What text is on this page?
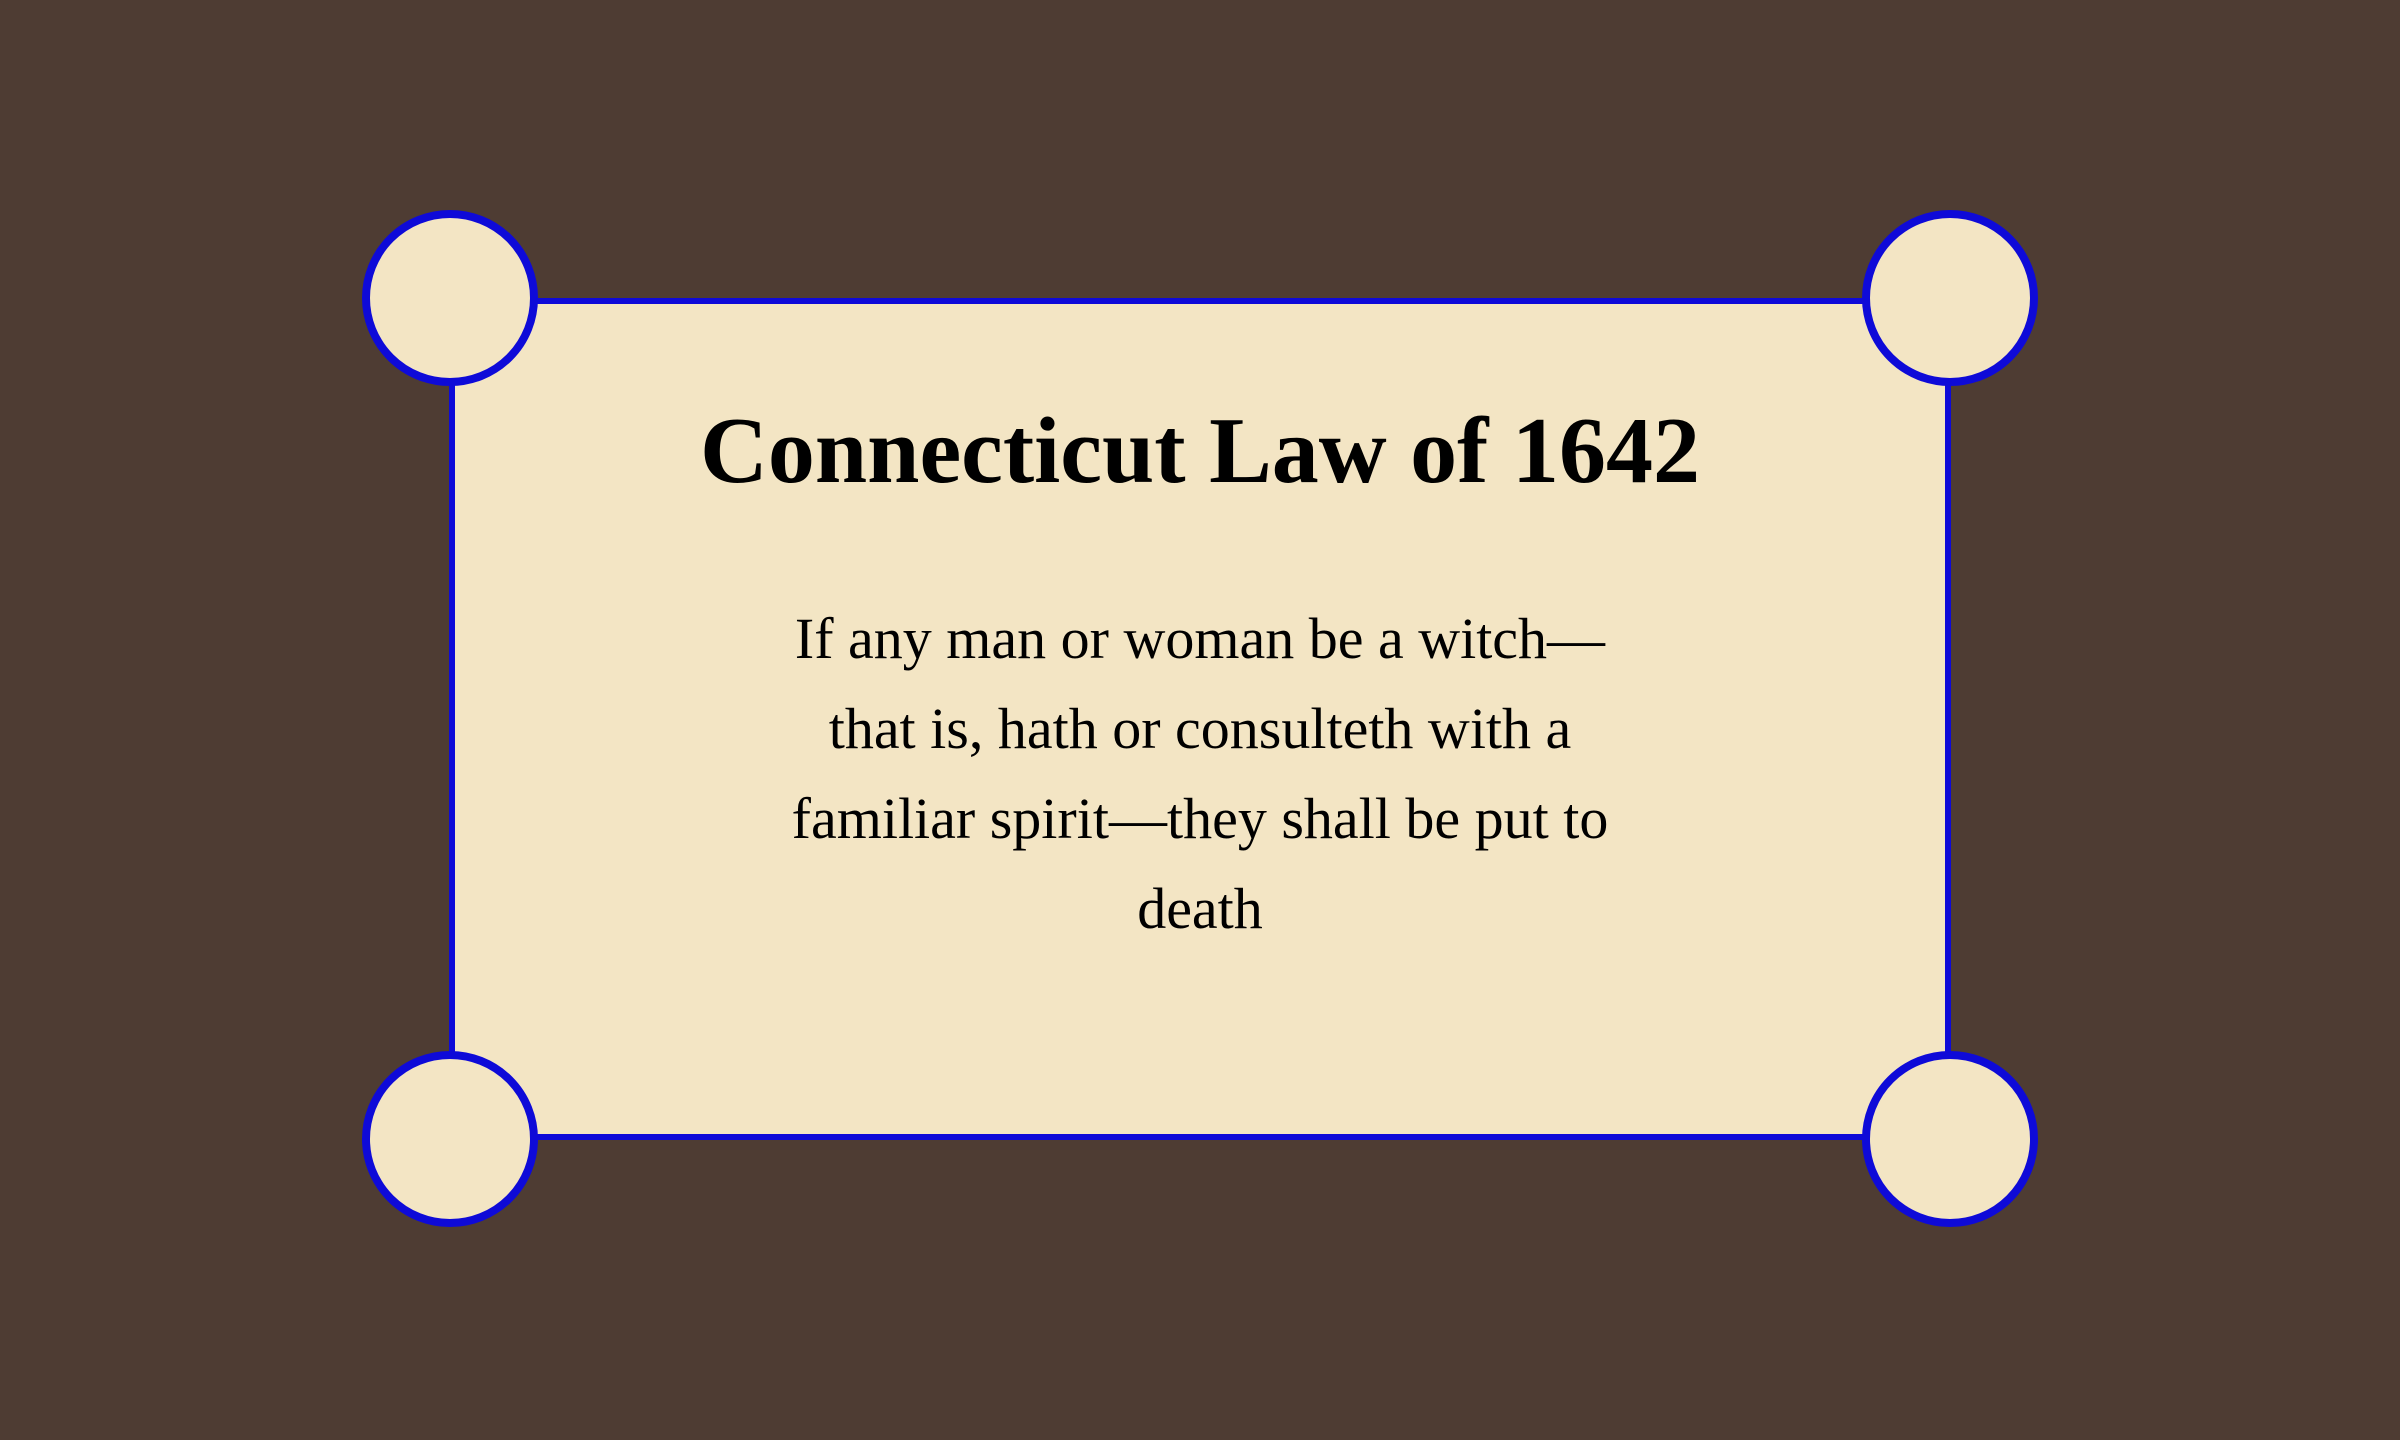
Connecticut Law of 1642

If any man or woman be a witch—that is, hath or consulteth with a familiar spirit—they shall be put to death
